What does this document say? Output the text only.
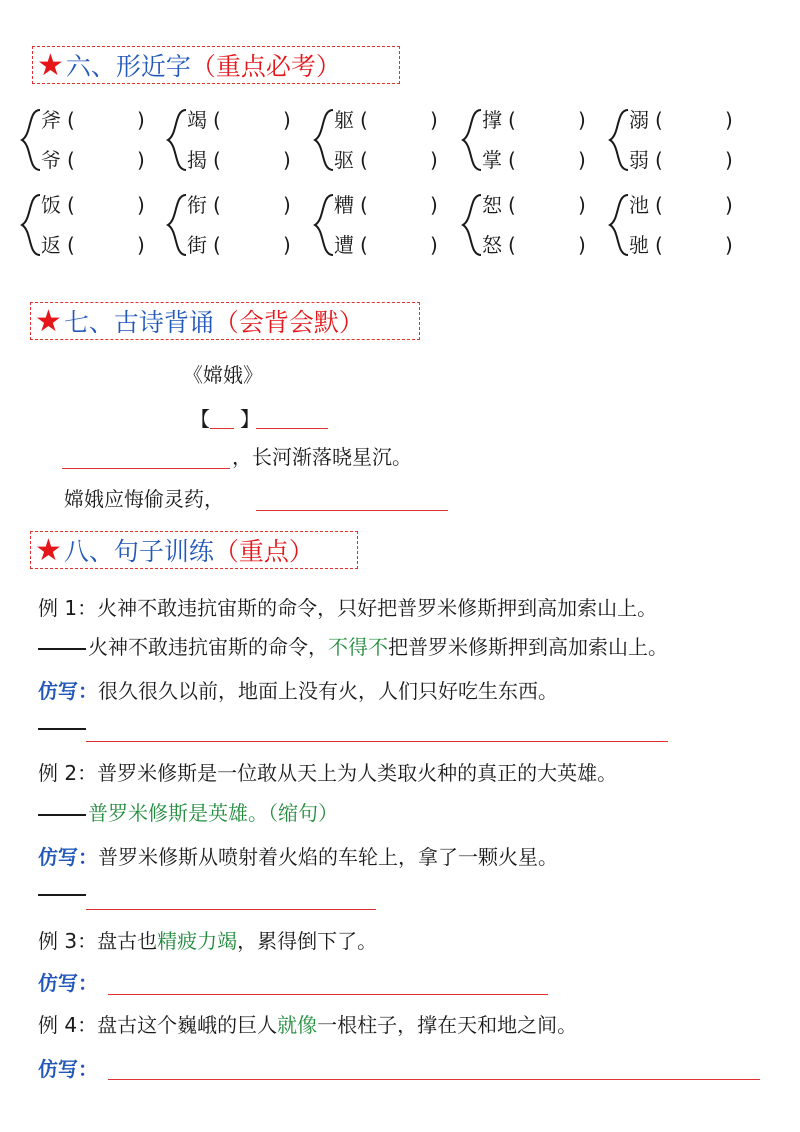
★ 六、形近字 （重点必考）
斧 (	)
爷 (	)
竭 (	)
揭 (	)
躯 (	)
驱 (	)
撑 (	)
掌 (	)
溺 (	)
弱 (	)
饭 (	)
返 (	)
衔 (	)
街 (	)
糟 (	)
遭 (	)
恕 (	)
怒 (	)
池 (	)
驰 (	)
★ 七、古诗背诵 （会背会默）
《嫦娥》
【 】
，长河渐落晓星沉。
嫦娥应悔偷灵药，
★ 八、句子训练 （重点）
例 1：火神不敢违抗宙斯的命令，只好把普罗米修斯押到高加索山上。
火神不敢违抗宙斯的命令，不得不把普罗米修斯押到高加索山上。
仿写：很久很久以前，地面上没有火，人们只好吃生东西。
例 2：普罗米修斯是一位敢从天上为人类取火种的真正的大英雄。
普罗米修斯是英雄。（缩句）
仿写：普罗米修斯从喷射着火焰的车轮上，拿了一颗火星。
例 3：盘古也精疲力竭，累得倒下了。
仿写：
例 4：盘古这个巍峨的巨人就像一根柱子，撑在天和地之间。
仿写：
